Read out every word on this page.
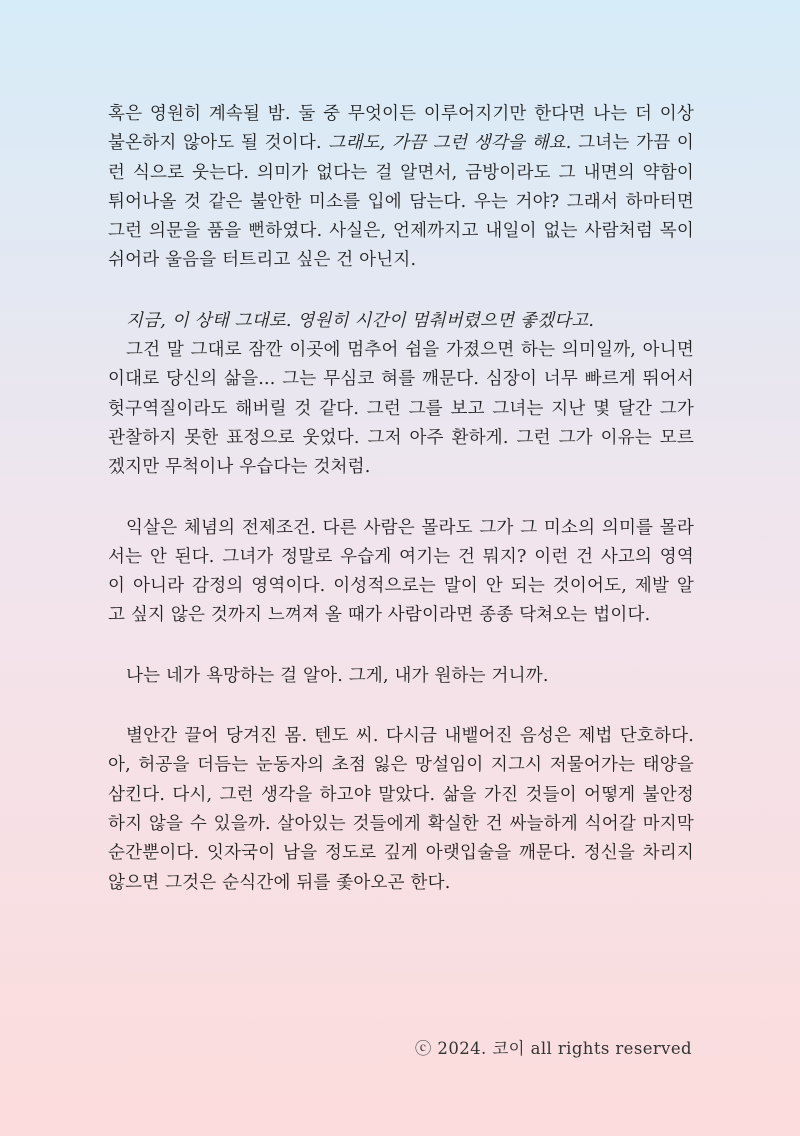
혹은 영원히 계속될 밤. 둘 중 무엇이든 이루어지기만 한다면 나는 더 이상
불온하지 않아도 될 것이다. 그래도, 가끔 그런 생각을 해요. 그녀는 가끔 이
런 식으로 웃는다. 의미가 없다는 걸 알면서, 금방이라도 그 내면의 약함이
튀어나올 것 같은 불안한 미소를 입에 담는다. 우는 거야? 그래서 하마터면
그런 의문을 품을 뻔하였다. 사실은, 언제까지고 내일이 없는 사람처럼 목이
쉬어라 울음을 터트리고 싶은 건 아닌지.

지금, 이 상태 그대로. 영원히 시간이 멈춰버렸으면 좋겠다고.
그건 말 그대로 잠깐 이곳에 멈추어 쉼을 가졌으면 하는 의미일까, 아니면
이대로 당신의 삶을... 그는 무심코 혀를 깨문다. 심장이 너무 빠르게 뛰어서
헛구역질이라도 해버릴 것 같다. 그런 그를 보고 그녀는 지난 몇 달간 그가
관찰하지 못한 표정으로 웃었다. 그저 아주 환하게. 그런 그가 이유는 모르
겠지만 무척이나 우습다는 것처럼.

익살은 체념의 전제조건. 다른 사람은 몰라도 그가 그 미소의 의미를 몰라
서는 안 된다. 그녀가 정말로 우습게 여기는 건 뭐지? 이런 건 사고의 영역
이 아니라 감정의 영역이다. 이성적으로는 말이 안 되는 것이어도, 제발 알
고 싶지 않은 것까지 느껴져 올 때가 사람이라면 종종 닥쳐오는 법이다.

나는 네가 욕망하는 걸 알아. 그게, 내가 원하는 거니까.

별안간 끌어 당겨진 몸. 텐도 씨. 다시금 내뱉어진 음성은 제법 단호하다.
아, 허공을 더듬는 눈동자의 초점 잃은 망설임이 지그시 저물어가는 태양을
삼킨다. 다시, 그런 생각을 하고야 말았다. 삶을 가진 것들이 어떻게 불안정
하지 않을 수 있을까. 살아있는 것들에게 확실한 건 싸늘하게 식어갈 마지막
순간뿐이다. 잇자국이 남을 정도로 깊게 아랫입술을 깨문다. 정신을 차리지
않으면 그것은 순식간에 뒤를 좇아오곤 한다.

ⓒ 2024. 코이 all rights reserved
